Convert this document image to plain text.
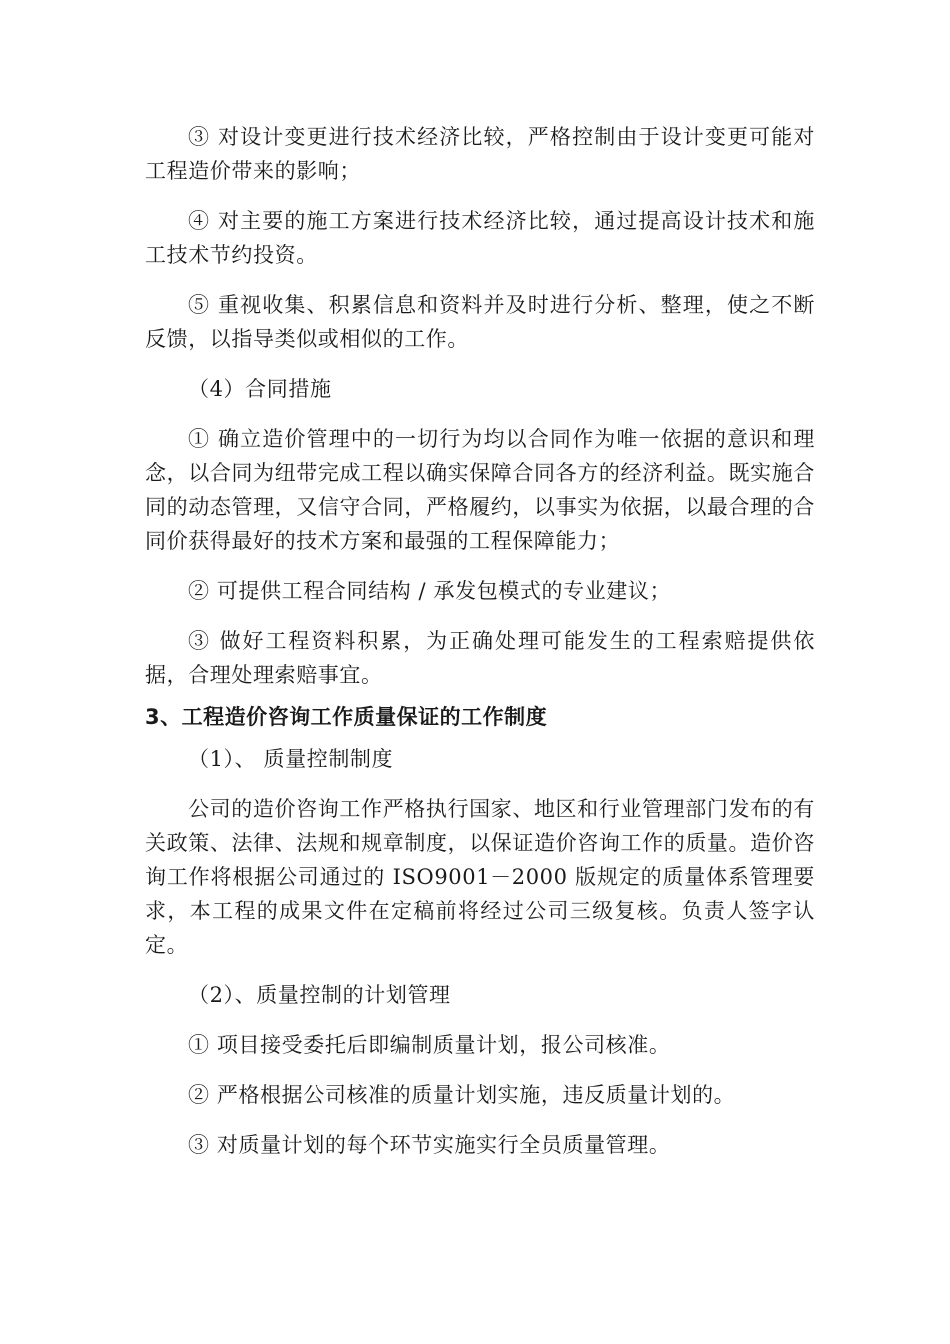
③ 对设计变更进行技术经济比较，严格控制由于设计变更可能对工程造价带来的影响；

④ 对主要的施工方案进行技术经济比较，通过提高设计技术和施工技术节约投资。

⑤ 重视收集、积累信息和资料并及时进行分析、整理，使之不断反馈，以指导类似或相似的工作。

（4）合同措施

① 确立造价管理中的一切行为均以合同作为唯一依据的意识和理念，以合同为纽带完成工程以确实保障合同各方的经济利益。既实施合同的动态管理，又信守合同，严格履约，以事实为依据，以最合理的合同价获得最好的技术方案和最强的工程保障能力；

② 可提供工程合同结构 / 承发包模式的专业建议；

③ 做好工程资料积累，为正确处理可能发生的工程索赔提供依据，合理处理索赔事宜。

3、工程造价咨询工作质量保证的工作制度

（1）、 质量控制制度

公司的造价咨询工作严格执行国家、地区和行业管理部门发布的有关政策、法律、法规和规章制度，以保证造价咨询工作的质量。造价咨询工作将根据公司通过的 ISO9001－2000 版规定的质量体系管理要求，本工程的成果文件在定稿前将经过公司三级复核。负责人签字认定。

（2）、质量控制的计划管理

① 项目接受委托后即编制质量计划，报公司核准。

② 严格根据公司核准的质量计划实施，违反质量计划的。

③ 对质量计划的每个环节实施实行全员质量管理。
